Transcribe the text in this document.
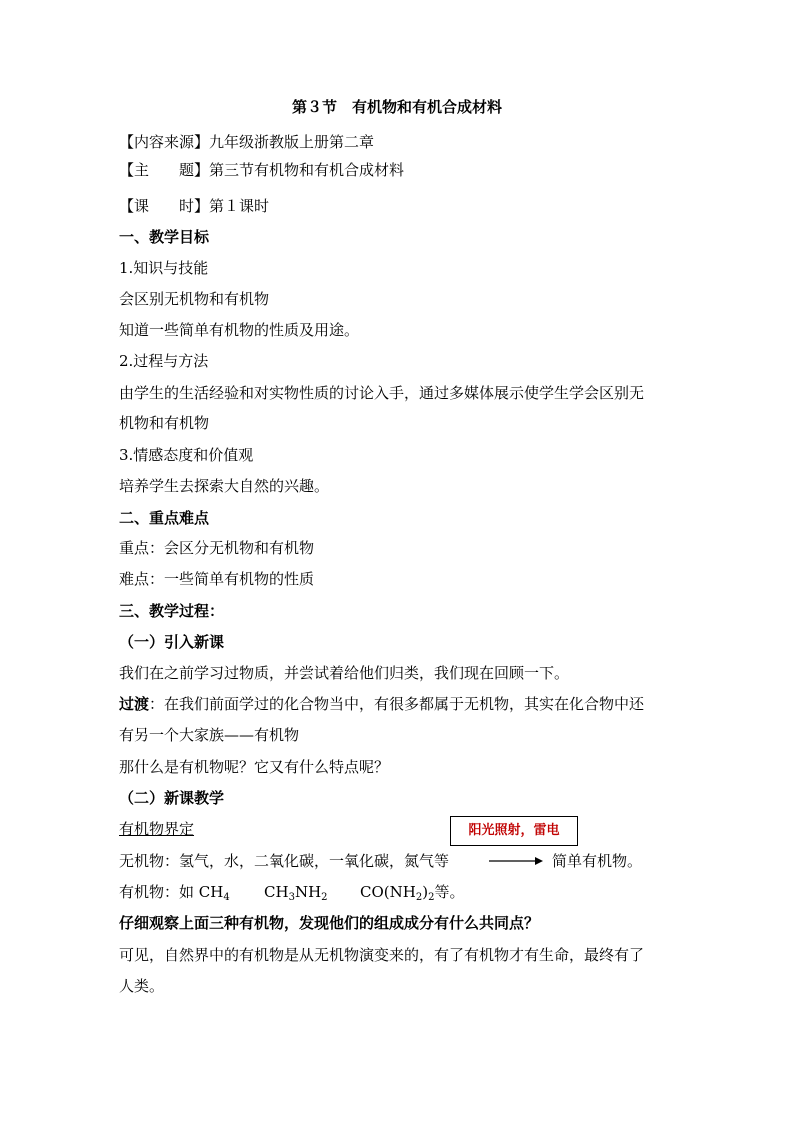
第３节　有机物和有机合成材料
【内容来源】九年级浙教版上册第二章
【主　　题】第三节有机物和有机合成材料
【课　　时】第１课时
一、教学目标
1.知识与技能
会区别无机物和有机物
知道一些简单有机物的性质及用途。
2.过程与方法
由学生的生活经验和对实物性质的讨论入手，通过多媒体展示使学生学会区别无
机物和有机物
3.情感态度和价值观
培养学生去探索大自然的兴趣。
二、重点难点
重点：会区分无机物和有机物
难点：一些简单有机物的性质
三、教学过程：
（一）引入新课
我们在之前学习过物质，并尝试着给他们归类，我们现在回顾一下。
过渡：在我们前面学过的化合物当中，有很多都属于无机物，其实在化合物中还
有另一个大家族——有机物
那什么是有机物呢？它又有什么特点呢？
（二）新课教学
有机物界定	阳光照射，雷电
无机物：氢气，水，二氧化碳，一氧化碳，氮气等	简单有机物。
有机物：如 $CH_4$ $CH_3NH_2$ $CO(NH_2)_2$等。
仔细观察上面三种有机物，发现他们的组成成分有什么共同点？
可见，自然界中的有机物是从无机物演变来的，有了有机物才有生命，最终有了
人类。
